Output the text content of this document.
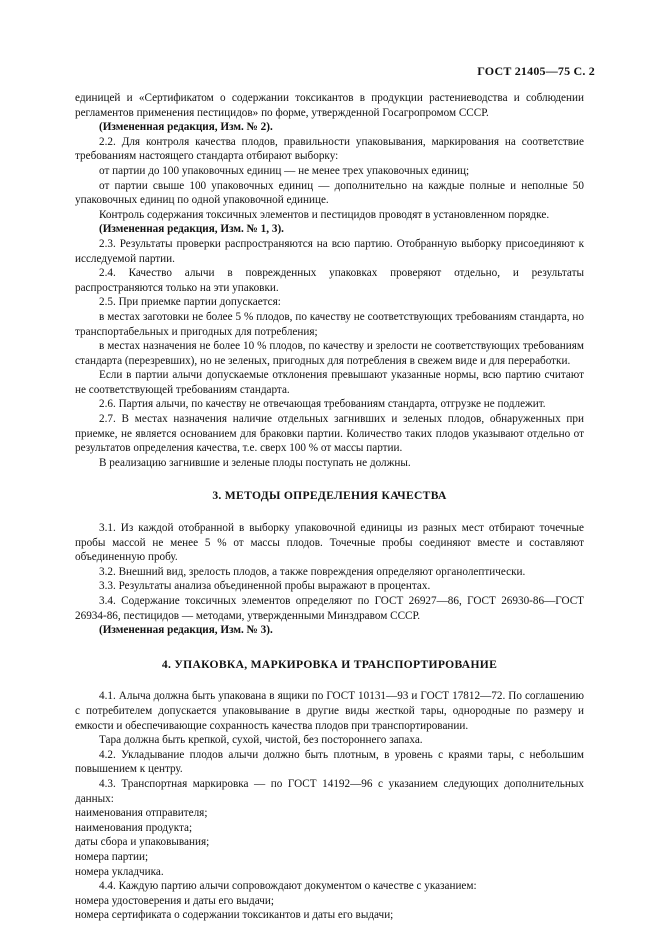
ГОСТ 21405—75 С. 2

единицей и «Сертификатом о содержании токсикантов в продукции растениеводства и соблюдении регламентов применения пестицидов» по форме, утвержденной Госагропромом СССР.

(Измененная редакция, Изм. № 2).

2.2. Для контроля качества плодов, правильности упаковывания, маркирования на соответствие требованиям настоящего стандарта отбирают выборку:

от партии до 100 упаковочных единиц — не менее трех упаковочных единиц;

от партии свыше 100 упаковочных единиц — дополнительно на каждые полные и неполные 50 упаковочных единиц по одной упаковочной единице.

Контроль содержания токсичных элементов и пестицидов проводят в установленном порядке.

(Измененная редакция, Изм. № 1, 3).

2.3. Результаты проверки распространяются на всю партию. Отобранную выборку присоединяют к исследуемой партии.

2.4. Качество алычи в поврежденных упаковках проверяют отдельно, и результаты распространяются только на эти упаковки.

2.5. При приемке партии допускается:

в местах заготовки не более 5 % плодов, по качеству не соответствующих требованиям стандарта, но транспортабельных и пригодных для потребления;

в местах назначения не более 10 % плодов, по качеству и зрелости не соответствующих требованиям стандарта (перезревших), но не зеленых, пригодных для потребления в свежем виде и для переработки.

Если в партии алычи допускаемые отклонения превышают указанные нормы, всю партию считают не соответствующей требованиям стандарта.

2.6. Партия алычи, по качеству не отвечающая требованиям стандарта, отгрузке не подлежит.

2.7. В местах назначения наличие отдельных загнивших и зеленых плодов, обнаруженных при приемке, не является основанием для браковки партии. Количество таких плодов указывают отдельно от результатов определения качества, т.е. сверх 100 % от массы партии.

В реализацию загнившие и зеленые плоды поступать не должны.

3. МЕТОДЫ ОПРЕДЕЛЕНИЯ КАЧЕСТВА

3.1. Из каждой отобранной в выборку упаковочной единицы из разных мест отбирают точечные пробы массой не менее 5 % от массы плодов. Точечные пробы соединяют вместе и составляют объединенную пробу.

3.2. Внешний вид, зрелость плодов, а также повреждения определяют органолептически.

3.3. Результаты анализа объединенной пробы выражают в процентах.

3.4. Содержание токсичных элементов определяют по ГОСТ 26927—86, ГОСТ 26930-86—ГОСТ 26934-86, пестицидов — методами, утвержденными Минздравом СССР.

(Измененная редакция, Изм. № 3).

4. УПАКОВКА, МАРКИРОВКА И ТРАНСПОРТИРОВАНИЕ

4.1. Алыча должна быть упакована в ящики по ГОСТ 10131—93 и ГОСТ 17812—72. По соглашению с потребителем допускается упаковывание в другие виды жесткой тары, однородные по размеру и емкости и обеспечивающие сохранность качества плодов при транспортировании.

Тара должна быть крепкой, сухой, чистой, без постороннего запаха.

4.2. Укладывание плодов алычи должно быть плотным, в уровень с краями тары, с небольшим повышением к центру.

4.3. Транспортная маркировка — по ГОСТ 14192—96 с указанием следующих дополнительных данных:

наименования отправителя;

наименования продукта;

даты сбора и упаковывания;

номера партии;

номера укладчика.

4.4. Каждую партию алычи сопровождают документом о качестве с указанием:

номера удостоверения и даты его выдачи;

номера сертификата о содержании токсикантов и даты его выдачи;
